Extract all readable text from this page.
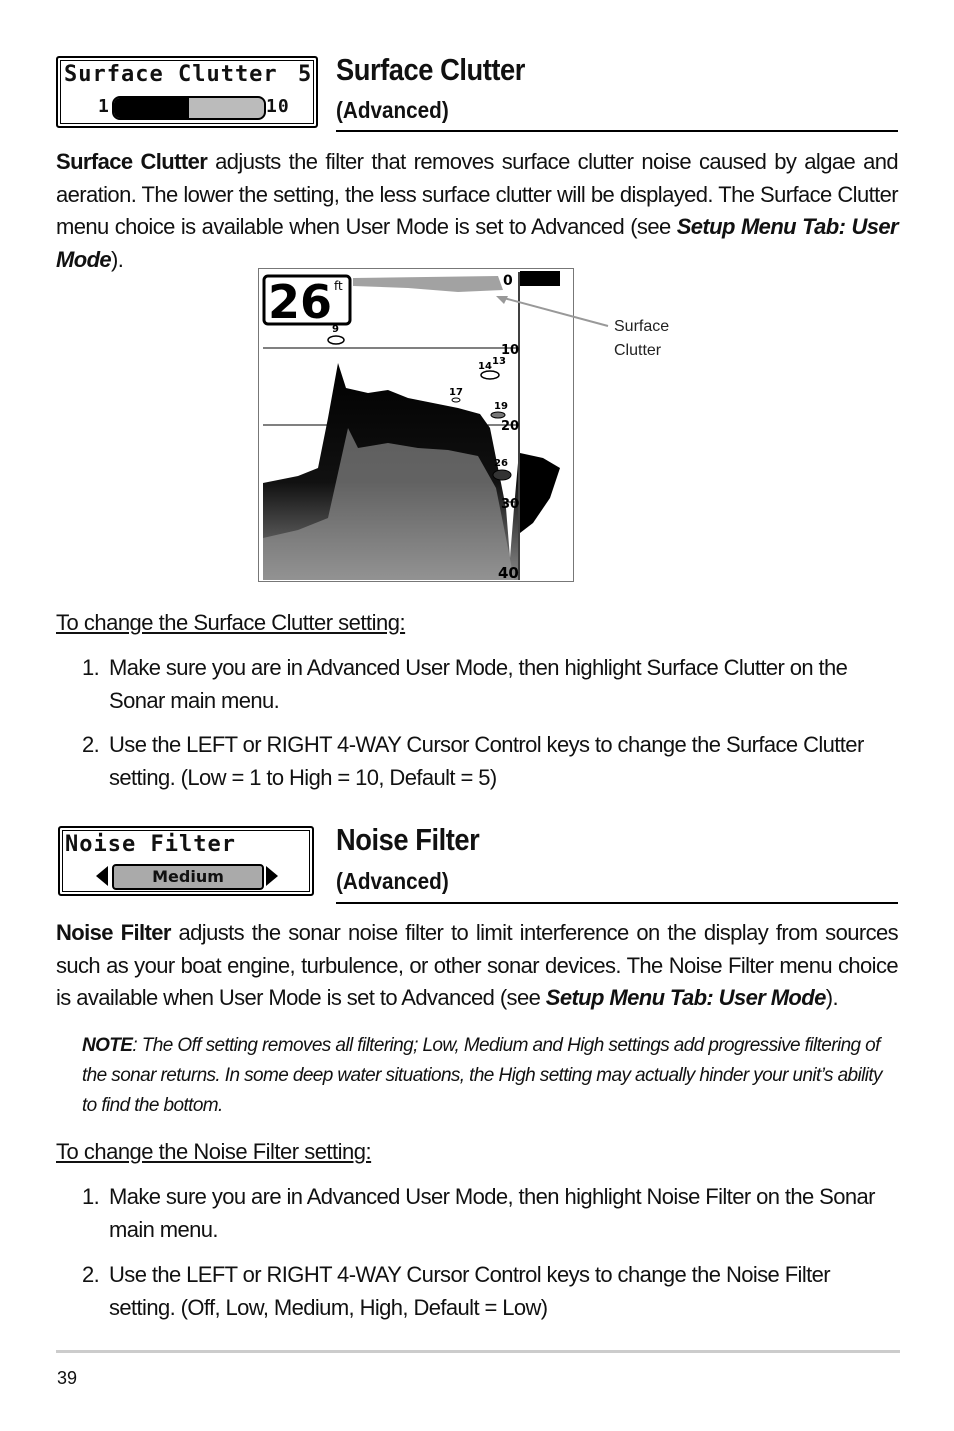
Surface Clutter 5
1	10
Surface Clutter
(Advanced)
Surface Clutter adjusts the filter that removes surface clutter noise caused by algae and aeration. The lower the setting, the less surface clutter will be displayed. The Surface Clutter menu choice is available when User Mode is set to Advanced (see Setup Menu Tab: User Mode).
26 ft	0
10
20
30
40
9
14 13
17
19
26
Surface
Clutter
To change the Surface Clutter setting:
1. Make sure you are in Advanced User Mode, then highlight Surface Clutter on the Sonar main menu.
2. Use the LEFT or RIGHT 4-WAY Cursor Control keys to change the Surface Clutter setting. (Low = 1 to High = 10, Default = 5)
Noise Filter
Medium
Noise Filter
(Advanced)
Noise Filter adjusts the sonar noise filter to limit interference on the display from sources such as your boat engine, turbulence, or other sonar devices. The Noise Filter menu choice is available when User Mode is set to Advanced (see Setup Menu Tab: User Mode).
NOTE: The Off setting removes all filtering; Low, Medium and High settings add progressive filtering of the sonar returns. In some deep water situations, the High setting may actually hinder your unit’s ability to find the bottom.
To change the Noise Filter setting:
1. Make sure you are in Advanced User Mode, then highlight Noise Filter on the Sonar main menu.
2. Use the LEFT or RIGHT 4-WAY Cursor Control keys to change the Noise Filter setting. (Off, Low, Medium, High, Default = Low)
39
